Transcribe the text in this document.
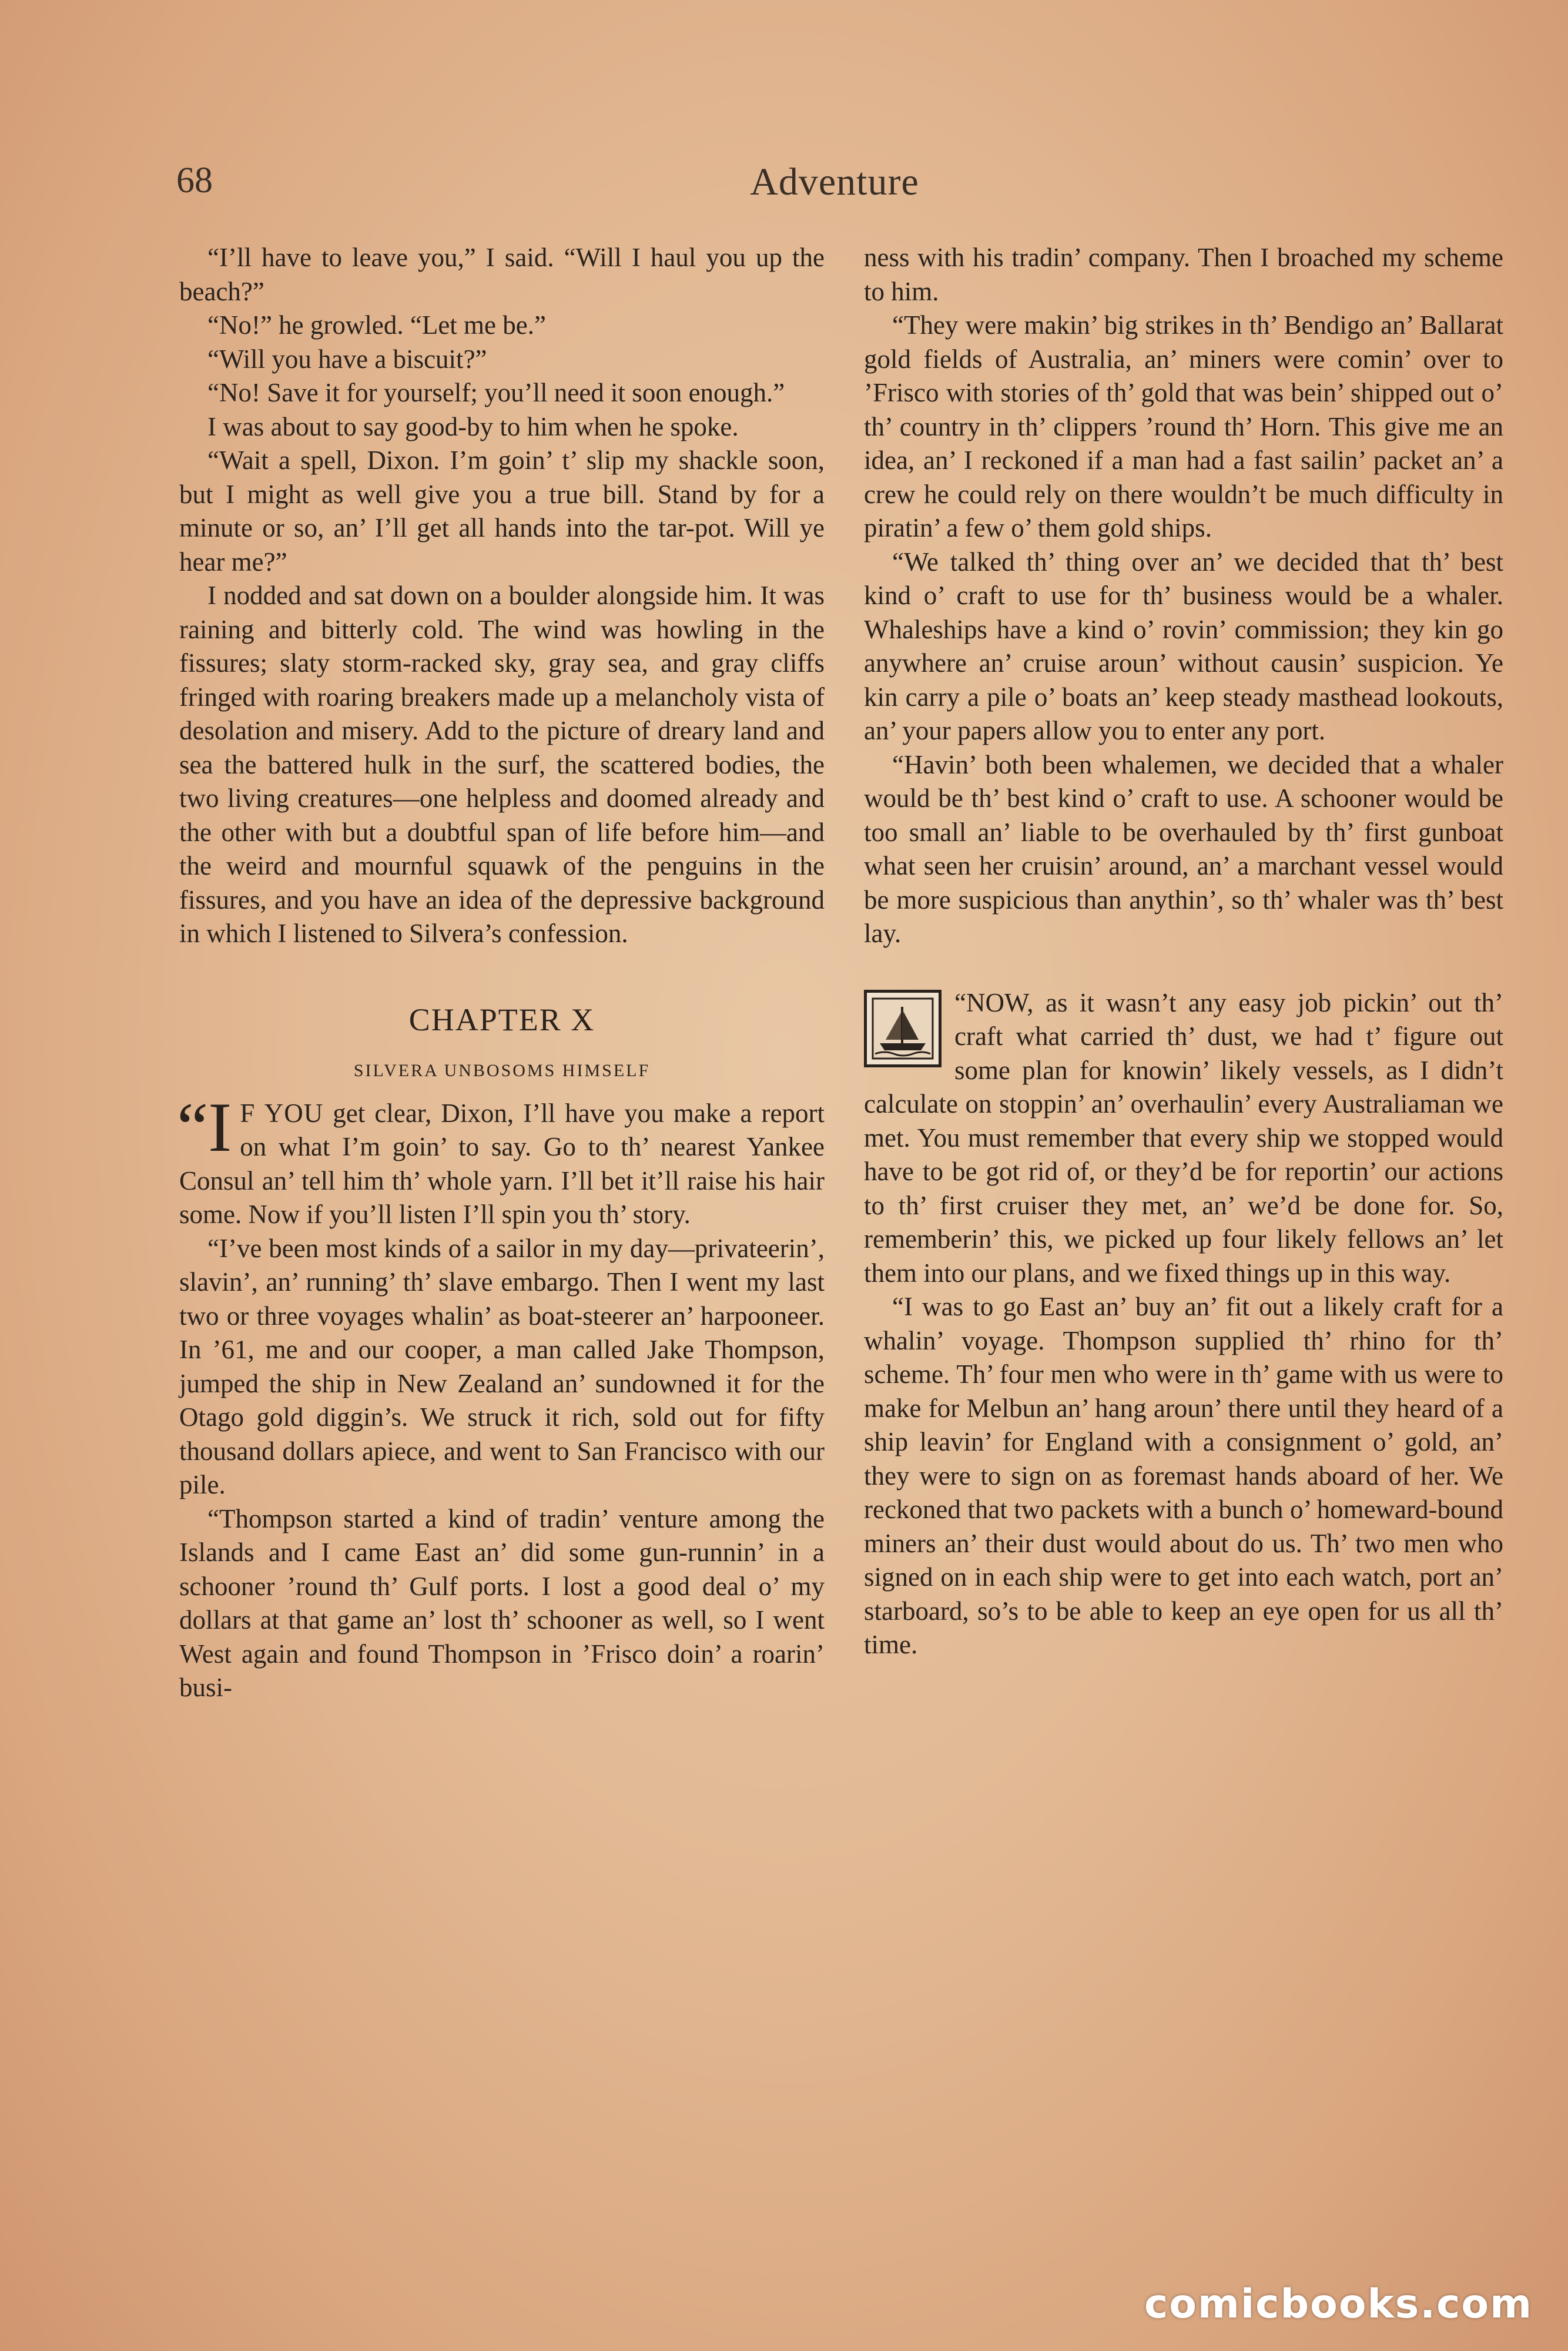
68	Adventure

“I’ll have to leave you,” I said. “Will I haul you up the beach?”

“No!” he growled. “Let me be.”

“Will you have a biscuit?”

“No! Save it for yourself; you’ll need it soon enough.”

I was about to say good-by to him when he spoke.

“Wait a spell, Dixon. I’m goin’ t’ slip my shackle soon, but I might as well give you a true bill. Stand by for a minute or so, an’ I’ll get all hands into the tar-pot. Will ye hear me?”

I nodded and sat down on a boulder alongside him. It was raining and bitterly cold. The wind was howling in the fissures; slaty storm-racked sky, gray sea, and gray cliffs fringed with roaring breakers made up a melancholy vista of desolation and misery. Add to the picture of dreary land and sea the battered hulk in the surf, the scattered bodies, the two living creatures—one helpless and doomed already and the other with but a doubtful span of life before him—and the weird and mournful squawk of the penguins in the fissures, and you have an idea of the depressive background in which I listened to Silvera’s confession.

CHAPTER X
SILVERA UNBOSOMS HIMSELF

“I F YOU get clear, Dixon, I’ll have you make a report on what I’m goin’ to say. Go to th’ nearest Yankee Consul an’ tell him th’ whole yarn. I’ll bet it’ll raise his hair some. Now if you’ll listen I’ll spin you th’ story.

“I’ve been most kinds of a sailor in my day—privateerin’, slavin’, an’ running’ th’ slave embargo. Then I went my last two or three voyages whalin’ as boat-steerer an’ harpooneer. In ’61, me and our cooper, a man called Jake Thompson, jumped the ship in New Zealand an’ sundowned it for the Otago gold diggin’s. We struck it rich, sold out for fifty thousand dollars apiece, and went to San Francisco with our pile.

“Thompson started a kind of tradin’ venture among the Islands and I came East an’ did some gun-runnin’ in a schooner ’round th’ Gulf ports. I lost a good deal o’ my dollars at that game an’ lost th’ schooner as well, so I went West again and found Thompson in ’Frisco doin’ a roarin’ busi-

ness with his tradin’ company. Then I broached my scheme to him.

“They were makin’ big strikes in th’ Bendigo an’ Ballarat gold fields of Australia, an’ miners were comin’ over to ’Frisco with stories of th’ gold that was bein’ shipped out o’ th’ country in th’ clippers ’round th’ Horn. This give me an idea, an’ I reckoned if a man had a fast sailin’ packet an’ a crew he could rely on there wouldn’t be much difficulty in piratin’ a few o’ them gold ships.

“We talked th’ thing over an’ we decided that th’ best kind o’ craft to use for th’ business would be a whaler. Whaleships have a kind o’ rovin’ commission; they kin go anywhere an’ cruise aroun’ without causin’ suspicion. Ye kin carry a pile o’ boats an’ keep steady masthead lookouts, an’ your papers allow you to enter any port.

“Havin’ both been whalemen, we decided that a whaler would be th’ best kind o’ craft to use. A schooner would be too small an’ liable to be overhauled by th’ first gunboat what seen her cruisin’ around, an’ a marchant vessel would be more suspicious than anythin’, so th’ whaler was th’ best lay.

“NOW, as it wasn’t any easy job pickin’ out th’ craft what carried th’ dust, we had t’ figure out some plan for knowin’ likely vessels, as I didn’t calculate on stoppin’ an’ overhaulin’ every Australiaman we met. You must remember that every ship we stopped would have to be got rid of, or they’d be for reportin’ our actions to th’ first cruiser they met, an’ we’d be done for. So, rememberin’ this, we picked up four likely fellows an’ let them into our plans, and we fixed things up in this way.

“I was to go East an’ buy an’ fit out a likely craft for a whalin’ voyage. Thompson supplied th’ rhino for th’ scheme. Th’ four men who were in th’ game with us were to make for Melbun an’ hang aroun’ there until they heard of a ship leavin’ for England with a consignment o’ gold, an’ they were to sign on as foremast hands aboard of her. We reckoned that two packets with a bunch o’ homeward-bound miners an’ their dust would about do us. Th’ two men who signed on in each ship were to get into each watch, port an’ starboard, so’s to be able to keep an eye open for us all th’ time.

comicbooks.com
